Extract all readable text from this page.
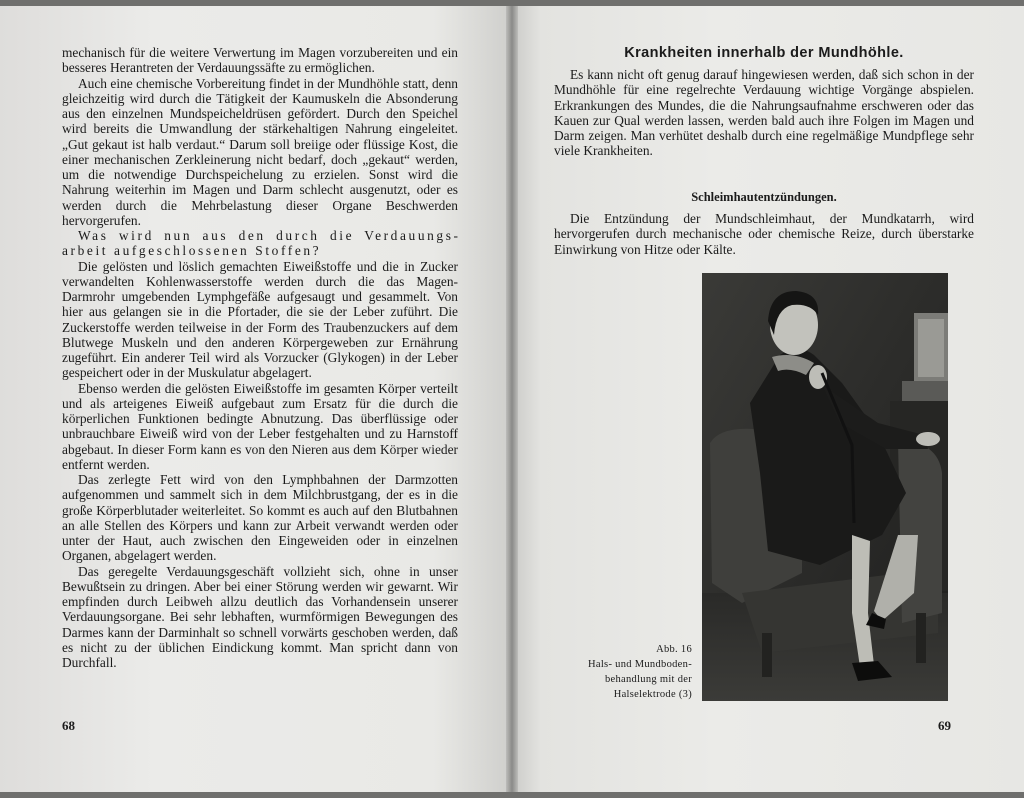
mechanisch für die weitere Verwertung im Magen vorzubereiten und ein besseres Herantreten der Verdauungssäfte zu ermöglichen.

Auch eine chemische Vorbereitung findet in der Mundhöhle statt, denn gleichzeitig wird durch die Tätigkeit der Kaumuskeln die Absonderung aus den einzelnen Mundspeicheldrüsen gefördert. Durch den Speichel wird bereits die Umwandlung der stärkehaltigen Nahrung eingeleitet. „Gut gekaut ist halb verdaut.“ Darum soll breiige oder flüssige Kost, die einer mechanischen Zerkleinerung nicht bedarf, doch „gekaut“ werden, um die notwendige Durchspeichelung zu erzielen. Sonst wird die Nahrung weiterhin im Magen und Darm schlecht ausgenutzt, oder es werden durch die Mehrbelastung dieser Organe Beschwerden hervorgerufen.

Was wird nun aus den durch die Verdauungsarbeit aufgeschlossenen Stoffen?

Die gelösten und löslich gemachten Eiweißstoffe und die in Zucker verwandelten Kohlenwasserstoffe werden durch die das Magen-Darmrohr umgebenden Lymphgefäße aufgesaugt und gesammelt. Von hier aus gelangen sie in die Pfortader, die sie der Leber zuführt. Die Zuckerstoffe werden teilweise in der Form des Traubenzuckers auf dem Blutwege Muskeln und den anderen Körpergeweben zur Ernährung zugeführt. Ein anderer Teil wird als Vorzucker (Glykogen) in der Leber gespeichert oder in der Muskulatur abgelagert.

Ebenso werden die gelösten Eiweißstoffe im gesamten Körper verteilt und als arteigenes Eiweiß aufgebaut zum Ersatz für die durch die körperlichen Funktionen bedingte Abnutzung. Das überflüssige oder unbrauchbare Eiweiß wird von der Leber festgehalten und zu Harnstoff abgebaut. In dieser Form kann es von den Nieren aus dem Körper wieder entfernt werden.

Das zerlegte Fett wird von den Lymphbahnen der Darmzotten aufgenommen und sammelt sich in dem Milchbrustgang, der es in die große Körperblutader weiterleitet. So kommt es auch auf den Blutbahnen an alle Stellen des Körpers und kann zur Arbeit verwandt werden oder unter der Haut, auch zwischen den Eingeweiden oder in einzelnen Organen, abgelagert werden.

Das geregelte Verdauungsgeschäft vollzieht sich, ohne in unser Bewußtsein zu dringen. Aber bei einer Störung werden wir gewarnt. Wir empfinden durch Leibweh allzu deutlich das Vorhandensein unserer Verdauungsorgane. Bei sehr lebhaften, wurmförmigen Bewegungen des Darmes kann der Darminhalt so schnell vorwärts geschoben werden, daß es nicht zu der üblichen Eindickung kommt. Man spricht dann von Durchfall.

68
Krankheiten innerhalb der Mundhöhle.

Es kann nicht oft genug darauf hingewiesen werden, daß sich schon in der Mundhöhle für eine regelrechte Verdauung wichtige Vorgänge abspielen. Erkrankungen des Mundes, die die Nahrungsaufnahme erschweren oder das Kauen zur Qual werden lassen, werden bald auch ihre Folgen im Magen und Darm zeigen. Man verhütet deshalb durch eine regelmäßige Mundpflege sehr viele Krankheiten.

Schleimhautentzündungen.

Die Entzündung der Mundschleimhaut, der Mundkatarrh, wird hervorgerufen durch mechanische oder chemische Reize, durch überstarke Einwirkung von Hitze oder Kälte.

Abb. 16
Hals- und Mundboden-
behandlung mit der
Halselektrode (3)
69
